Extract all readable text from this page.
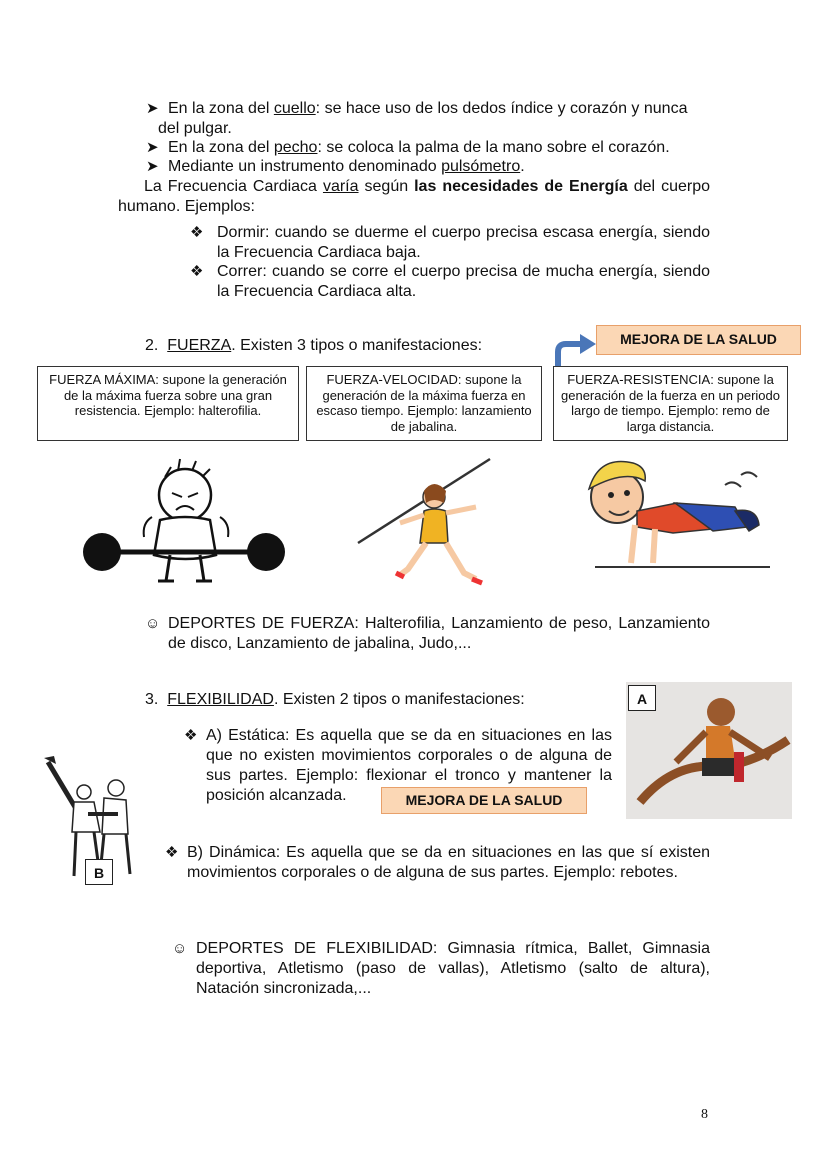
➤ En la zona del cuello: se hace uso de los dedos índice y corazón y nunca
del pulgar.
➤ En la zona del pecho: se coloca la palma de la mano sobre el corazón.
➤ Mediante un instrumento denominado pulsómetro.
La Frecuencia Cardiaca varía según las necesidades de Energía del cuerpo humano. Ejemplos:
❖ Dormir: cuando se duerme el cuerpo precisa escasa energía, siendo la Frecuencia Cardiaca baja.
❖ Correr: cuando se corre el cuerpo precisa de mucha energía, siendo la Frecuencia Cardiaca alta.
2. FUERZA. Existen 3 tipos o manifestaciones:	MEJORA DE LA SALUD
FUERZA MÁXIMA: supone la generación de la máxima fuerza sobre una gran resistencia. Ejemplo: halterofilia.
FUERZA-VELOCIDAD: supone la generación de la máxima fuerza en escaso tiempo. Ejemplo: lanzamiento de jabalina.
FUERZA-RESISTENCIA: supone la generación de la fuerza en un periodo largo de tiempo. Ejemplo: remo de larga distancia.
☺ DEPORTES DE FUERZA: Halterofilia, Lanzamiento de peso, Lanzamiento de disco, Lanzamiento de jabalina, Judo,...
3. FLEXIBILIDAD. Existen 2 tipos o manifestaciones:	A
❖ A) Estática: Es aquella que se da en situaciones en las que no existen movimientos corporales o de alguna de sus partes. Ejemplo: flexionar el tronco y mantener la posición alcanzada.	MEJORA DE LA SALUD
B
❖ B) Dinámica: Es aquella que se da en situaciones en las que sí existen movimientos corporales o de alguna de sus partes. Ejemplo: rebotes.
☺ DEPORTES DE FLEXIBILIDAD: Gimnasia rítmica, Ballet, Gimnasia deportiva, Atletismo (paso de vallas), Atletismo (salto de altura), Natación sincronizada,...
8
